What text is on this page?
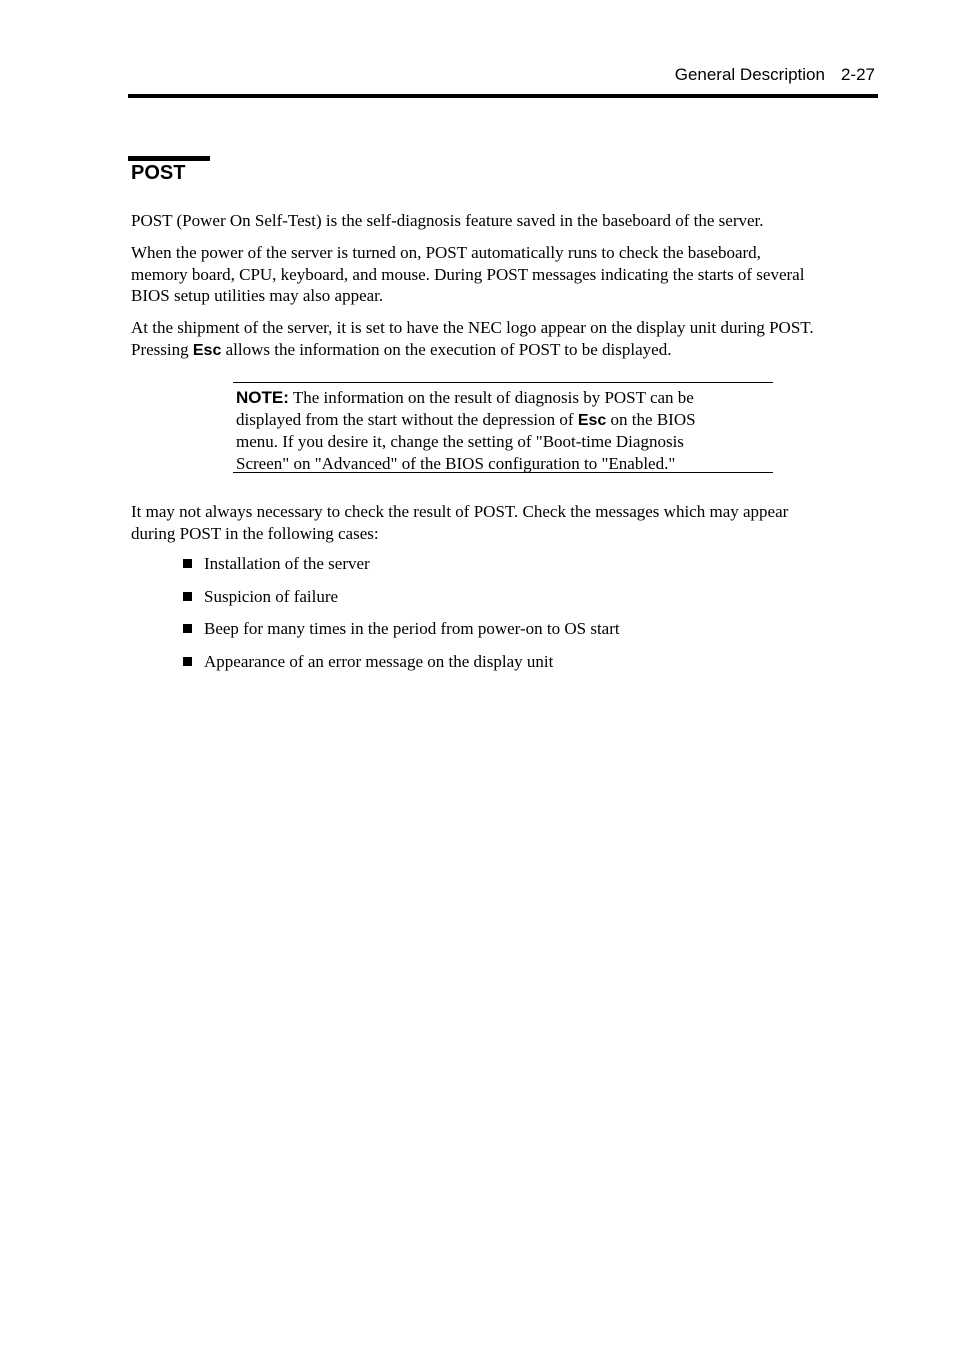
General Description 2-27
POST

POST (Power On Self-Test) is the self-diagnosis feature saved in the baseboard of the server.

When the power of the server is turned on, POST automatically runs to check the baseboard,
memory board, CPU, keyboard, and mouse. During POST messages indicating the starts of several
BIOS setup utilities may also appear.

At the shipment of the server, it is set to have the NEC logo appear on the display unit during POST.
Pressing Esc allows the information on the execution of POST to be displayed.

NOTE: The information on the result of diagnosis by POST can be
displayed from the start without the depression of Esc on the BIOS
menu. If you desire it, change the setting of "Boot-time Diagnosis
Screen" on "Advanced" of the BIOS configuration to "Enabled."

It may not always necessary to check the result of POST. Check the messages which may appear
during POST in the following cases:

Installation of the server
Suspicion of failure
Beep for many times in the period from power-on to OS start
Appearance of an error message on the display unit
